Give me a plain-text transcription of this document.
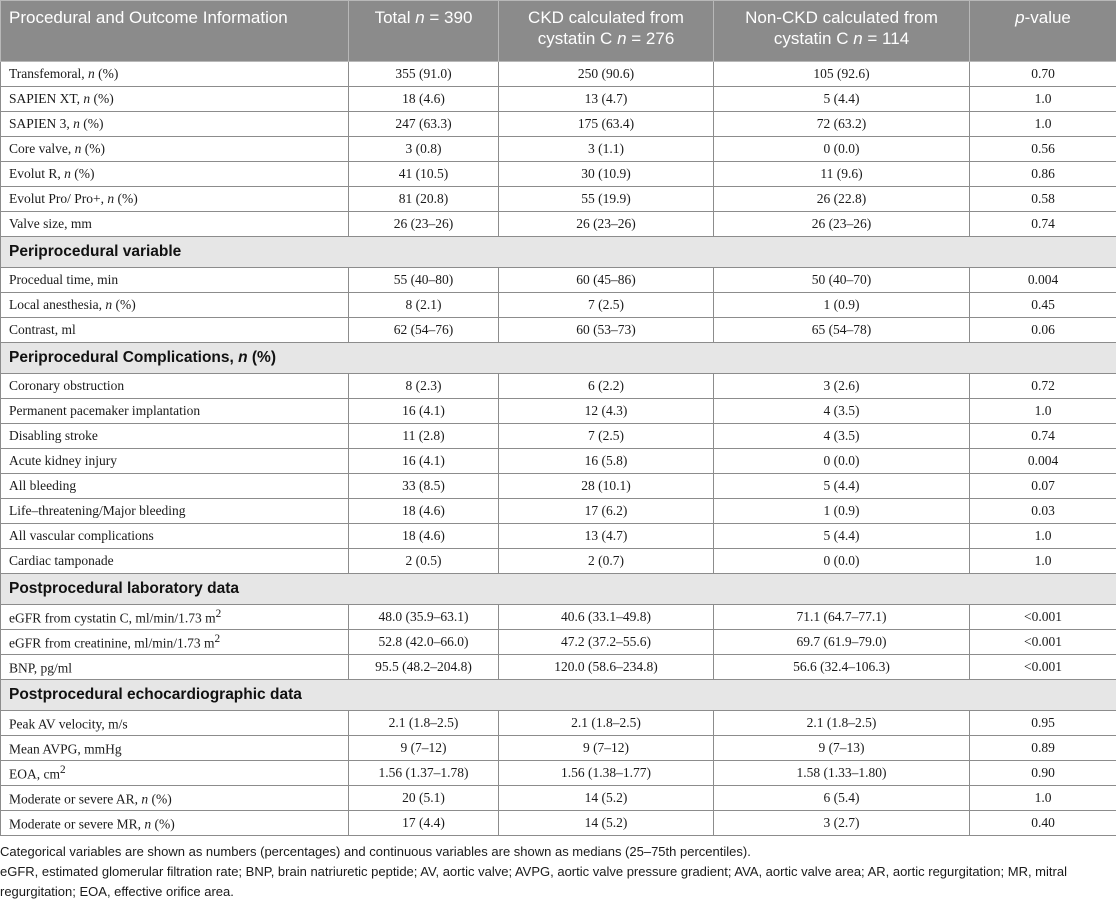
Procedural and Outcome Information	Total n = 390	CKD calculated from
cystatin C n = 276	Non-CKD calculated from
cystatin C n = 114	p-value
Transfemoral, n (%)	355 (91.0)	250 (90.6)	105 (92.6)	0.70
SAPIEN XT, n (%)	18 (4.6)	13 (4.7)	5 (4.4)	1.0
SAPIEN 3, n (%)	247 (63.3)	175 (63.4)	72 (63.2)	1.0
Core valve, n (%)	3 (0.8)	3 (1.1)	0 (0.0)	0.56
Evolut R, n (%)	41 (10.5)	30 (10.9)	11 (9.6)	0.86
Evolut Pro/ Pro+, n (%)	81 (20.8)	55 (19.9)	26 (22.8)	0.58
Valve size, mm	26 (23–26)	26 (23–26)	26 (23–26)	0.74
Periprocedural variable				
Procedual time, min	55 (40–80)	60 (45–86)	50 (40–70)	0.004
Local anesthesia, n (%)	8 (2.1)	7 (2.5)	1 (0.9)	0.45
Contrast, ml	62 (54–76)	60 (53–73)	65 (54–78)	0.06
Periprocedural Complications, n (%)				
Coronary obstruction	8 (2.3)	6 (2.2)	3 (2.6)	0.72
Permanent pacemaker implantation	16 (4.1)	12 (4.3)	4 (3.5)	1.0
Disabling stroke	11 (2.8)	7 (2.5)	4 (3.5)	0.74
Acute kidney injury	16 (4.1)	16 (5.8)	0 (0.0)	0.004
All bleeding	33 (8.5)	28 (10.1)	5 (4.4)	0.07
Life–threatening/Major bleeding	18 (4.6)	17 (6.2)	1 (0.9)	0.03
All vascular complications	18 (4.6)	13 (4.7)	5 (4.4)	1.0
Cardiac tamponade	2 (0.5)	2 (0.7)	0 (0.0)	1.0
Postprocedural laboratory data				
eGFR from cystatin C, ml/min/1.73 $m^2$	48.0 (35.9–63.1)	40.6 (33.1–49.8)	71.1 (64.7–77.1)	<0.001
eGFR from creatinine, ml/min/1.73 $m^2$	52.8 (42.0–66.0)	47.2 (37.2–55.6)	69.7 (61.9–79.0)	<0.001
BNP, pg/ml	95.5 (48.2–204.8)	120.0 (58.6–234.8)	56.6 (32.4–106.3)	<0.001
Postprocedural echocardiographic data				
Peak AV velocity, m/s	2.1 (1.8–2.5)	2.1 (1.8–2.5)	2.1 (1.8–2.5)	0.95
Mean AVPG, mmHg	9 (7–12)	9 (7–12)	9 (7–13)	0.89
EOA, $cm^2$	1.56 (1.37–1.78)	1.56 (1.38–1.77)	1.58 (1.33–1.80)	0.90
Moderate or severe AR, n (%)	20 (5.1)	14 (5.2)	6 (5.4)	1.0
Moderate or severe MR, n (%)	17 (4.4)	14 (5.2)	3 (2.7)	0.40

Categorical variables are shown as numbers (percentages) and continuous variables are shown as medians (25–75th percentiles).

eGFR, estimated glomerular filtration rate; BNP, brain natriuretic peptide; AV, aortic valve; AVPG, aortic valve pressure gradient; AVA, aortic valve area; AR, aortic regurgitation; MR, mitral regurgitation; EOA, effective orifice area.
